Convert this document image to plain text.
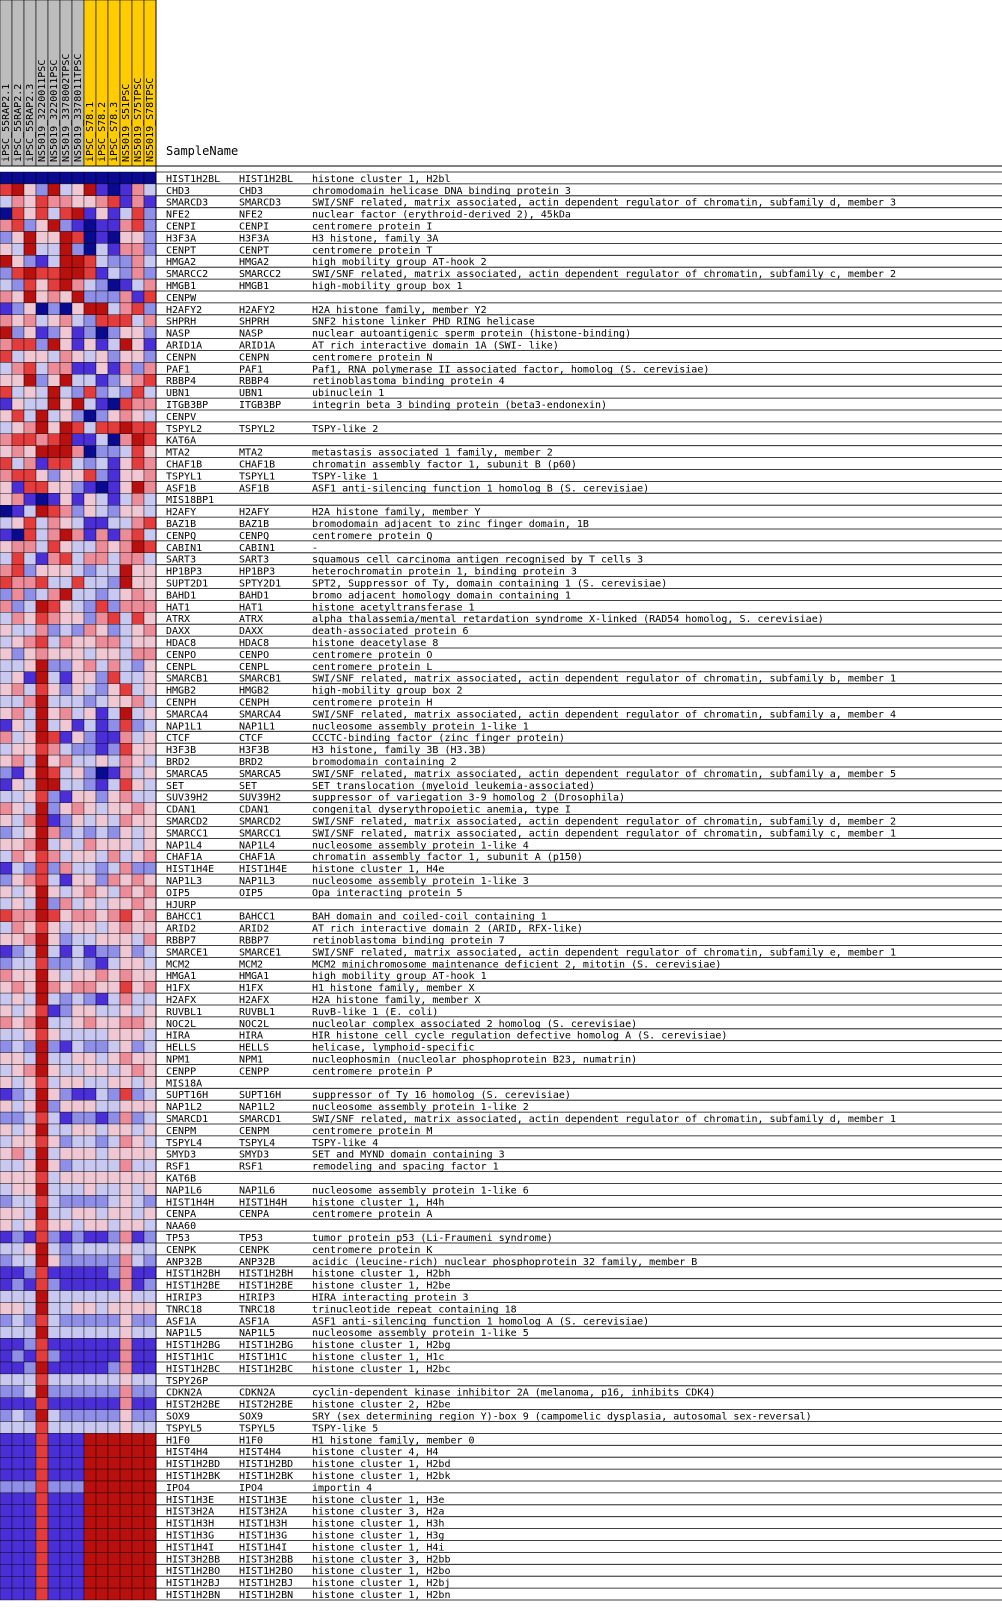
iPSC_55RAP2.1 iPSC_55RAP2.2 iPSC_55RAP2.3 NS5019_3220011PSC NS5019_3220011PSC NS5019_3378002TPSC NS5019_3378011TPSC iPSC_S78.1 iPSC_S78.2 iPSC_S78.3 NS5019_S51PSC NS5019_S75TPSC NS5019_S78TPSC SampleName
HIST1H2BL HIST1H2BL histone cluster 1, H2bl
CHD3	CHD3	chromodomain helicase DNA binding protein 3
SMARCD3	SMARCD3	SWI/SNF related, matrix associated, actin dependent regulator of chromatin, subfamily d, member 3
NFE2	NFE2	nuclear factor (erythroid-derived 2), 45kDa
CENPI	CENPI	centromere protein I
H3F3A	H3F3A	H3 histone, family 3A
CENPT	CENPT	centromere protein T
HMGA2	HMGA2	high mobility group AT-hook 2
SMARCC2	SMARCC2	SWI/SNF related, matrix associated, actin dependent regulator of chromatin, subfamily c, member 2
HMGB1	HMGB1	high-mobility group box 1
CENPW
H2AFY2	H2AFY2	H2A histone family, member Y2
SHPRH	SHPRH	SNF2 histone linker PHD RING helicase
NASP	NASP	nuclear autoantigenic sperm protein (histone-binding)
ARID1A	ARID1A	AT rich interactive domain 1A (SWI- like)
CENPN	CENPN	centromere protein N
PAF1	PAF1	Paf1, RNA polymerase II associated factor, homolog (S. cerevisiae)
RBBP4	RBBP4	retinoblastoma binding protein 4
UBN1	UBN1	ubinuclein 1
ITGB3BP	ITGB3BP	integrin beta 3 binding protein (beta3-endonexin)
CENPV
TSPYL2	TSPYL2	TSPY-like 2
KAT6A
MTA2	MTA2	metastasis associated 1 family, member 2
CHAF1B	CHAF1B	chromatin assembly factor 1, subunit B (p60)
TSPYL1	TSPYL1	TSPY-like 1
ASF1B	ASF1B	ASF1 anti-silencing function 1 homolog B (S. cerevisiae)
MIS18BP1
H2AFY	H2AFY	H2A histone family, member Y
BAZ1B	BAZ1B	bromodomain adjacent to zinc finger domain, 1B
CENPQ	CENPQ	centromere protein Q
CABIN1	CABIN1	-
SART3	SART3	squamous cell carcinoma antigen recognised by T cells 3
HP1BP3	HP1BP3	heterochromatin protein 1, binding protein 3
SUPT2D1	SPTY2D1	SPT2, Suppressor of Ty, domain containing 1 (S. cerevisiae)
BAHD1	BAHD1	bromo adjacent homology domain containing 1
HAT1	HAT1	histone acetyltransferase 1
ATRX	ATRX	alpha thalassemia/mental retardation syndrome X-linked (RAD54 homolog, S. cerevisiae)
DAXX	DAXX	death-associated protein 6
HDAC8	HDAC8	histone deacetylase 8
CENPO	CENPO	centromere protein O
CENPL	CENPL	centromere protein L
SMARCB1	SMARCB1	SWI/SNF related, matrix associated, actin dependent regulator of chromatin, subfamily b, member 1
HMGB2	HMGB2	high-mobility group box 2
CENPH	CENPH	centromere protein H
SMARCA4	SMARCA4	SWI/SNF related, matrix associated, actin dependent regulator of chromatin, subfamily a, member 4
NAP1L1	NAP1L1	nucleosome assembly protein 1-like 1
CTCF	CTCF	CCCTC-binding factor (zinc finger protein)
H3F3B	H3F3B	H3 histone, family 3B (H3.3B)
BRD2	BRD2	bromodomain containing 2
SMARCA5	SMARCA5	SWI/SNF related, matrix associated, actin dependent regulator of chromatin, subfamily a, member 5
SET	SET	SET translocation (myeloid leukemia-associated)
SUV39H2	SUV39H2	suppressor of variegation 3-9 homolog 2 (Drosophila)
CDAN1	CDAN1	congenital dyserythropoietic anemia, type I
SMARCD2	SMARCD2	SWI/SNF related, matrix associated, actin dependent regulator of chromatin, subfamily d, member 2
SMARCC1	SMARCC1	SWI/SNF related, matrix associated, actin dependent regulator of chromatin, subfamily c, member 1
NAP1L4	NAP1L4	nucleosome assembly protein 1-like 4
CHAF1A	CHAF1A	chromatin assembly factor 1, subunit A (p150)
HIST1H4E HIST1H4E histone cluster 1, H4e
NAP1L3	NAP1L3	nucleosome assembly protein 1-like 3
OIP5	OIP5	Opa interacting protein 5
HJURP
BAHCC1	BAHCC1	BAH domain and coiled-coil containing 1
ARID2	ARID2	AT rich interactive domain 2 (ARID, RFX-like)
RBBP7	RBBP7	retinoblastoma binding protein 7
SMARCE1	SMARCE1	SWI/SNF related, matrix associated, actin dependent regulator of chromatin, subfamily e, member 1
MCM2	MCM2	MCM2 minichromosome maintenance deficient 2, mitotin (S. cerevisiae)
HMGA1	HMGA1	high mobility group AT-hook 1
H1FX	H1FX	H1 histone family, member X
H2AFX	H2AFX	H2A histone family, member X
RUVBL1	RUVBL1	RuvB-like 1 (E. coli)
NOC2L	NOC2L	nucleolar complex associated 2 homolog (S. cerevisiae)
HIRA	HIRA	HIR histone cell cycle regulation defective homolog A (S. cerevisiae)
HELLS	HELLS	helicase, lymphoid-specific
NPM1	NPM1	nucleophosmin (nucleolar phosphoprotein B23, numatrin)
CENPP	CENPP	centromere protein P
MIS18A
SUPT16H	SUPT16H	suppressor of Ty 16 homolog (S. cerevisiae)
NAP1L2	NAP1L2	nucleosome assembly protein 1-like 2
SMARCD1	SMARCD1	SWI/SNF related, matrix associated, actin dependent regulator of chromatin, subfamily d, member 1
CENPM	CENPM	centromere protein M
TSPYL4	TSPYL4	TSPY-like 4
SMYD3	SMYD3	SET and MYND domain containing 3
RSF1	RSF1	remodeling and spacing factor 1
KAT6B
NAP1L6	NAP1L6	nucleosome assembly protein 1-like 6
HIST1H4H HIST1H4H histone cluster 1, H4h
CENPA	CENPA	centromere protein A
NAA60
TP53	TP53	tumor protein p53 (Li-Fraumeni syndrome)
CENPK	CENPK	centromere protein K
ANP32B	ANP32B	acidic (leucine-rich) nuclear phosphoprotein 32 family, member B
HIST1H2BH HIST1H2BH histone cluster 1, H2bh
HIST1H2BE HIST1H2BE histone cluster 1, H2be
HIRIP3	HIRIP3	HIRA interacting protein 3
TNRC18	TNRC18	trinucleotide repeat containing 18
ASF1A	ASF1A	ASF1 anti-silencing function 1 homolog A (S. cerevisiae)
NAP1L5	NAP1L5	nucleosome assembly protein 1-like 5
HIST1H2BG HIST1H2BG histone cluster 1, H2bg
HIST1H1C HIST1H1C histone cluster 1, H1c
HIST1H2BC HIST1H2BC histone cluster 1, H2bc
TSPY26P
CDKN2A	CDKN2A	cyclin-dependent kinase inhibitor 2A (melanoma, p16, inhibits CDK4)
HIST2H2BE HIST2H2BE histone cluster 2, H2be
SOX9	SOX9	SRY (sex determining region Y)-box 9 (campomelic dysplasia, autosomal sex-reversal)
TSPYL5	TSPYL5	TSPY-like 5
H1F0	H1F0	H1 histone family, member 0
HIST4H4	HIST4H4	histone cluster 4, H4
HIST1H2BD HIST1H2BD histone cluster 1, H2bd
HIST1H2BK HIST1H2BK histone cluster 1, H2bk
IPO4	IPO4	importin 4
HIST1H3E HIST1H3E histone cluster 1, H3e
HIST3H2A HIST3H2A histone cluster 3, H2a
HIST1H3H HIST1H3H histone cluster 1, H3h
HIST1H3G HIST1H3G histone cluster 1, H3g
HIST1H4I HIST1H4I histone cluster 1, H4i
HIST3H2BB HIST3H2BB histone cluster 3, H2bb
HIST1H2BO HIST1H2BO histone cluster 1, H2bo
HIST1H2BJ HIST1H2BJ histone cluster 1, H2bj
HIST1H2BN HIST1H2BN histone cluster 1, H2bn
